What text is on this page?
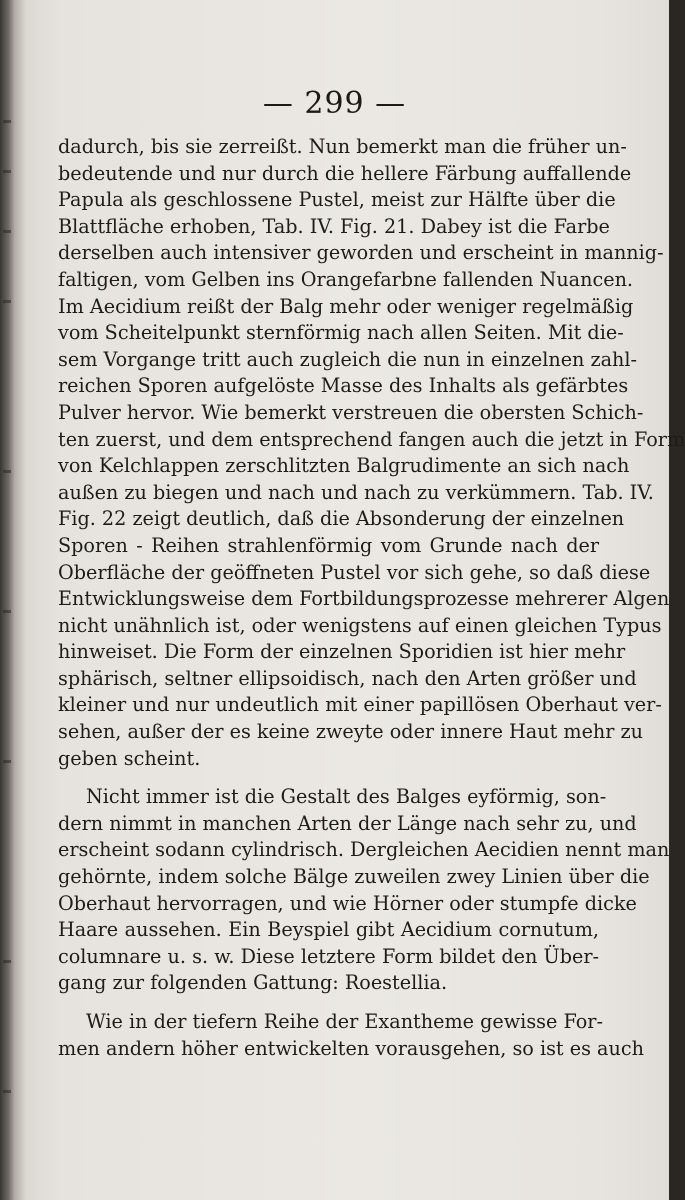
— 299 —
dadurch, bis sie zerreißt. Nun bemerkt man die früher un-
bedeutende und nur durch die hellere Färbung auffallende
Papula als geschlossene Pustel, meist zur Hälfte über die
Blattfläche erhoben, Tab. IV. Fig. 21. Dabey ist die Farbe
derselben auch intensiver geworden und erscheint in mannig-
faltigen, vom Gelben ins Orangefarbne fallenden Nuancen.
Im Aecidium reißt der Balg mehr oder weniger regelmäßig
vom Scheitelpunkt sternförmig nach allen Seiten. Mit die-
sem Vorgange tritt auch zugleich die nun in einzelnen zahl-
reichen Sporen aufgelöste Masse des Inhalts als gefärbtes
Pulver hervor. Wie bemerkt verstreuen die obersten Schich-
ten zuerst, und dem entsprechend fangen auch die jetzt in Form
von Kelchlappen zerschlitzten Balgrudimente an sich nach
außen zu biegen und nach und nach zu verkümmern. Tab. IV.
Fig. 22 zeigt deutlich, daß die Absonderung der einzelnen
Sporen - Reihen strahlenförmig vom Grunde nach der
Oberfläche der geöffneten Pustel vor sich gehe, so daß diese
Entwicklungsweise dem Fortbildungsprozesse mehrerer Algen
nicht unähnlich ist, oder wenigstens auf einen gleichen Typus
hinweiset. Die Form der einzelnen Sporidien ist hier mehr
sphärisch, seltner ellipsoidisch, nach den Arten größer und
kleiner und nur undeutlich mit einer papillösen Oberhaut ver-
sehen, außer der es keine zweyte oder innere Haut mehr zu
geben scheint.
Nicht immer ist die Gestalt des Balges eyförmig, son-
dern nimmt in manchen Arten der Länge nach sehr zu, und
erscheint sodann cylindrisch. Dergleichen Aecidien nennt man
gehörnte, indem solche Bälge zuweilen zwey Linien über die
Oberhaut hervorragen, und wie Hörner oder stumpfe dicke
Haare aussehen. Ein Beyspiel gibt Aecidium cornutum,
columnare u. s. w. Diese letztere Form bildet den Über-
gang zur folgenden Gattung: Roestellia.
Wie in der tiefern Reihe der Exantheme gewisse For-
men andern höher entwickelten vorausgehen, so ist es auch
